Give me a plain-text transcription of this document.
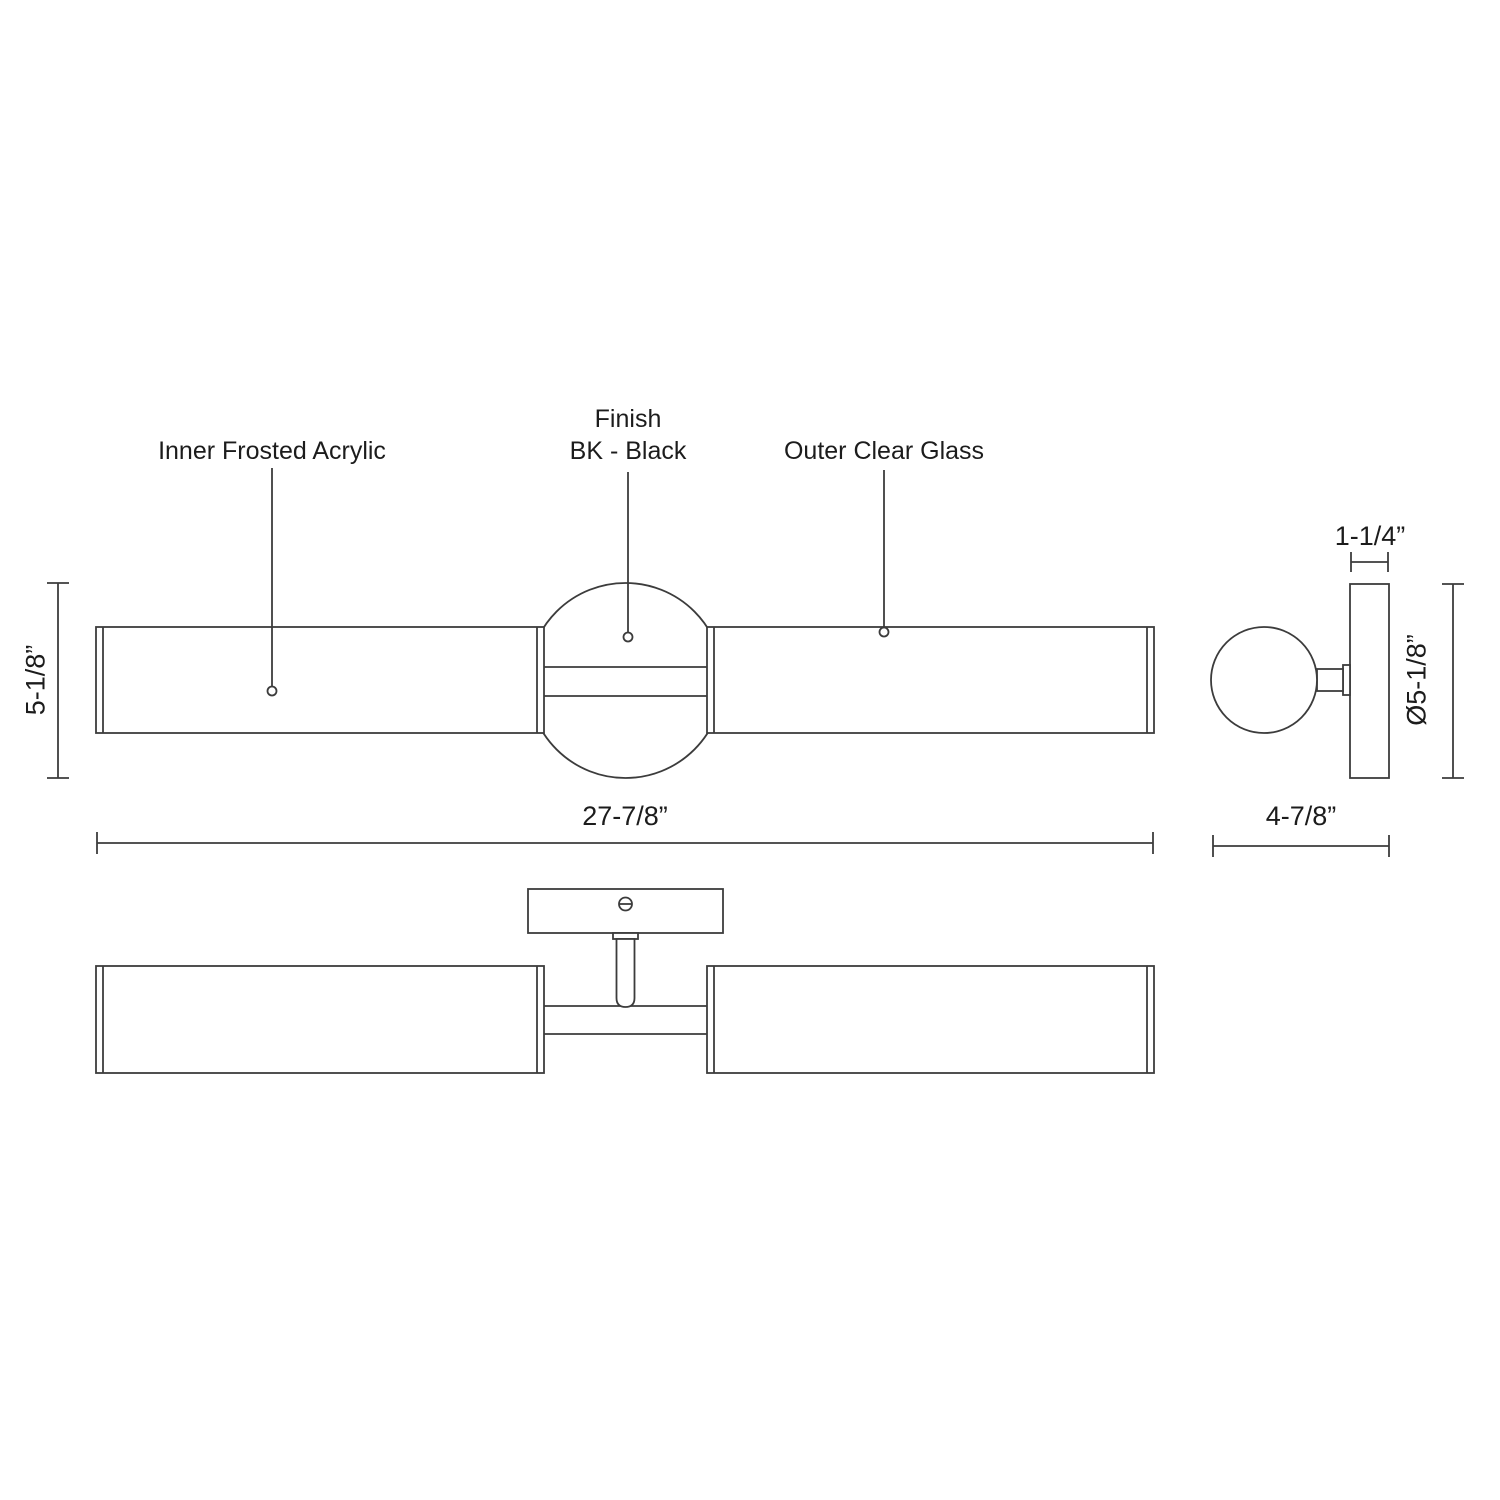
Inner Frosted Acrylic
Finish
BK - Black	Outer Clear Glass
5-1/8”
27-7/8”
1-1/4”
Ø5-1/8”
4-7/8”
